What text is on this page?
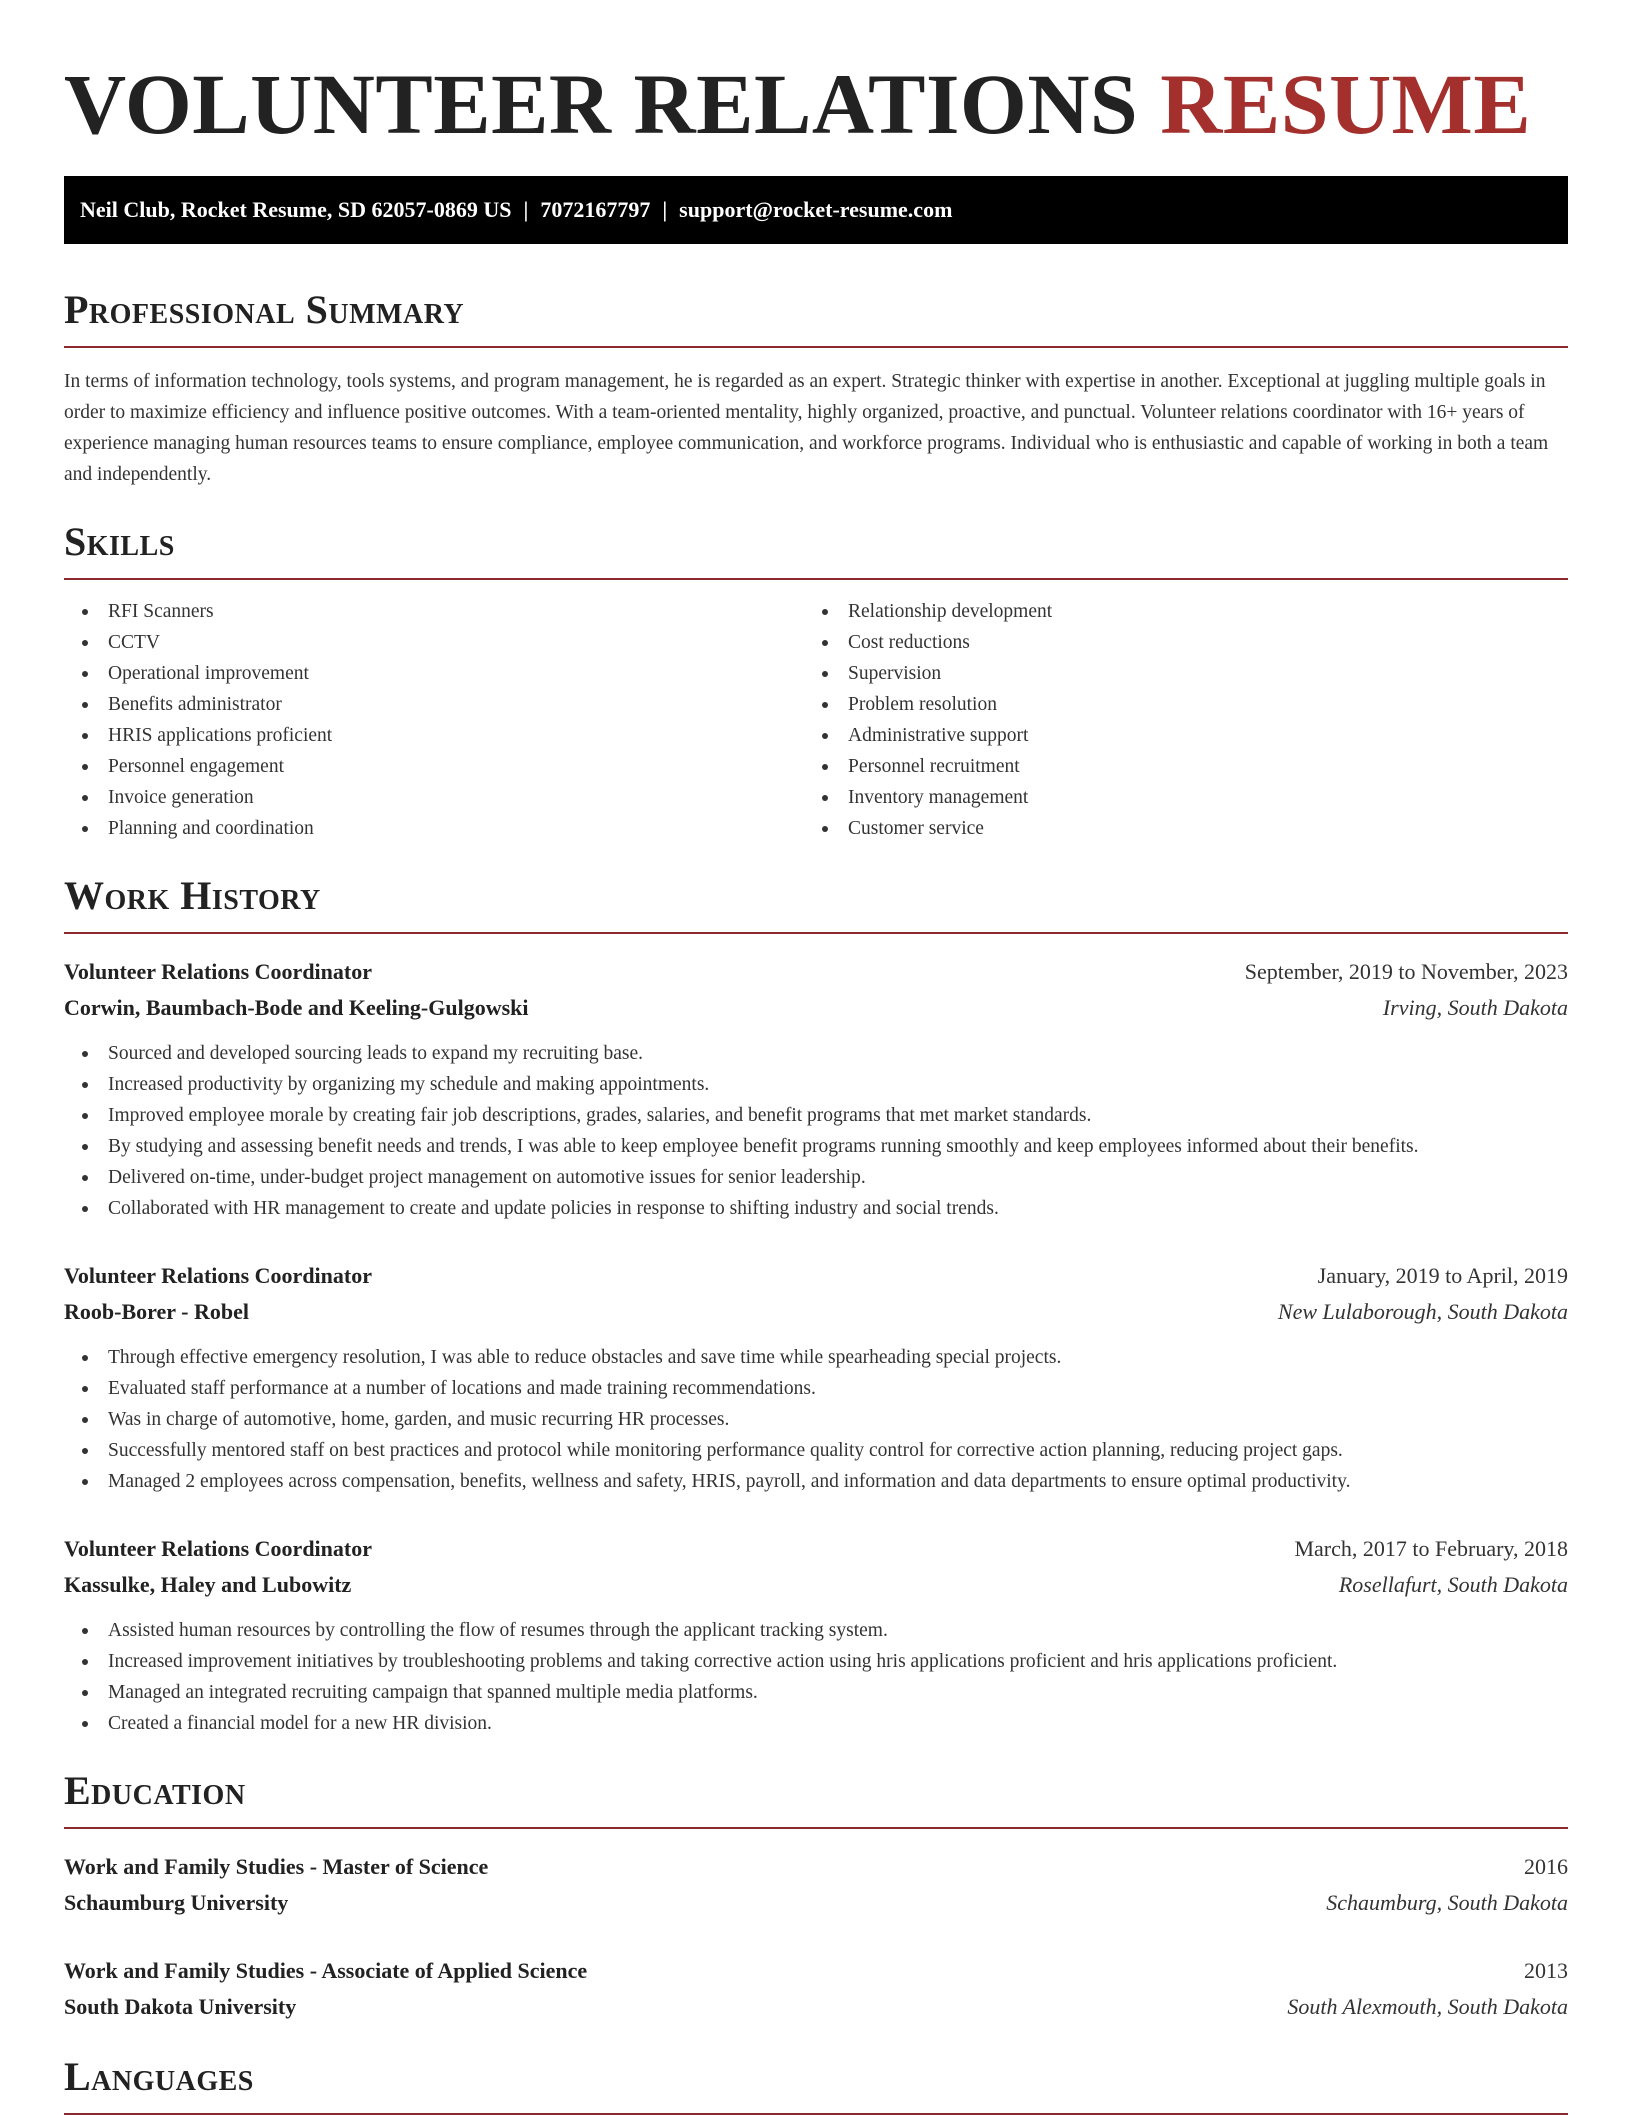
VOLUNTEER RELATIONS RESUME
Neil Club, Rocket Resume, SD 62057-0869 US | 7072167797 | support@rocket-resume.com
Professional Summary

In terms of information technology, tools systems, and program management, he is regarded as an expert. Strategic thinker with expertise in another. Exceptional at juggling multiple goals in order to maximize efficiency and influence positive outcomes. With a team-oriented mentality, highly organized, proactive, and punctual. Volunteer relations coordinator with 16+ years of experience managing human resources teams to ensure compliance, employee communication, and workforce programs. Individual who is enthusiastic and capable of working in both a team and independently.

Skills
RFI Scanners
CCTV
Operational improvement
Benefits administrator
HRIS applications proficient
Personnel engagement
Invoice generation
Planning and coordination
Relationship development
Cost reductions
Supervision
Problem resolution
Administrative support
Personnel recruitment
Inventory management
Customer service
Work History
Volunteer Relations Coordinator	September, 2019 to November, 2023
Corwin, Baumbach-Bode and Keeling-Gulgowski	Irving, South Dakota
Sourced and developed sourcing leads to expand my recruiting base.
Increased productivity by organizing my schedule and making appointments.
Improved employee morale by creating fair job descriptions, grades, salaries, and benefit programs that met market standards.
By studying and assessing benefit needs and trends, I was able to keep employee benefit programs running smoothly and keep employees informed about their benefits.
Delivered on-time, under-budget project management on automotive issues for senior leadership.
Collaborated with HR management to create and update policies in response to shifting industry and social trends.
Volunteer Relations Coordinator	January, 2019 to April, 2019
Roob-Borer - Robel	New Lulaborough, South Dakota
Through effective emergency resolution, I was able to reduce obstacles and save time while spearheading special projects.
Evaluated staff performance at a number of locations and made training recommendations.
Was in charge of automotive, home, garden, and music recurring HR processes.
Successfully mentored staff on best practices and protocol while monitoring performance quality control for corrective action planning, reducing project gaps.
Managed 2 employees across compensation, benefits, wellness and safety, HRIS, payroll, and information and data departments to ensure optimal productivity.
Volunteer Relations Coordinator	March, 2017 to February, 2018
Kassulke, Haley and Lubowitz	Rosellafurt, South Dakota
Assisted human resources by controlling the flow of resumes through the applicant tracking system.
Increased improvement initiatives by troubleshooting problems and taking corrective action using hris applications proficient and hris applications proficient.
Managed an integrated recruiting campaign that spanned multiple media platforms.
Created a financial model for a new HR division.
Education
Work and Family Studies - Master of Science	2016
Schaumburg University	Schaumburg, South Dakota
Work and Family Studies - Associate of Applied Science	2013
South Dakota University	South Alexmouth, South Dakota
Languages
